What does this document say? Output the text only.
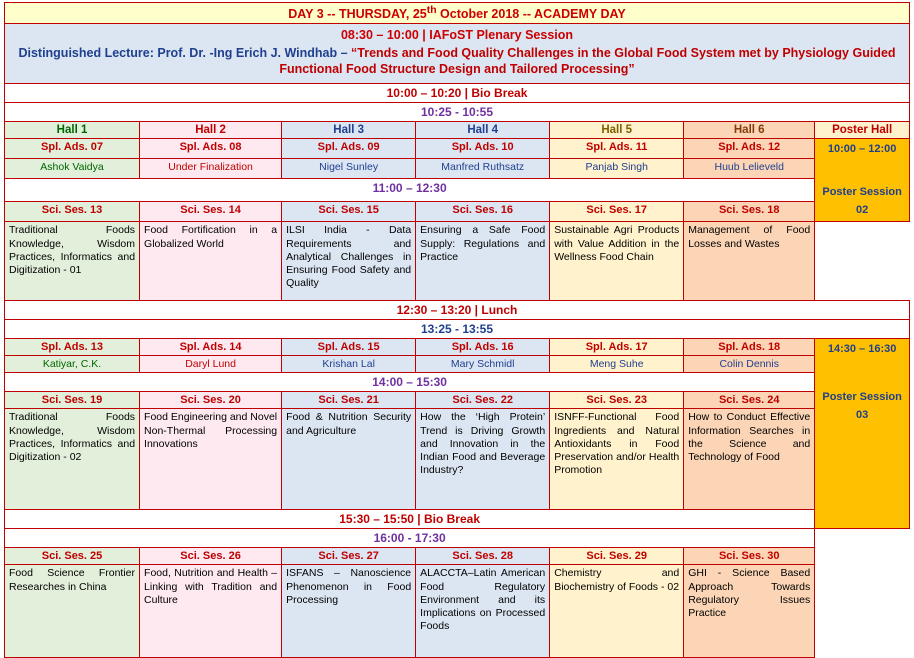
DAY 3 -- THURSDAY, 25th October 2018 -- ACADEMY DAY						

08:30 – 10:00 | IAFoST Plenary Session
Distinguished Lecture: Prof. Dr. -Ing Erich J. Windhab – “Trends and Food Quality Challenges in the Global Food System met by Physiology Guided Functional Food Structure Design and Tailored Processing”						

10:00 – 10:20 | Bio Break						
10:25 - 10:55						
Hall 1	Hall 2	Hall 3	Hall 4	Hall 5	Hall 6	Poster Hall
Spl. Ads. 07	Spl. Ads. 08	Spl. Ads. 09	Spl. Ads. 10	Spl. Ads. 11	Spl. Ads. 12	10:00 – 12:00
Poster Session 02

Ashok Vaidya	Under Finalization	Nigel Sunley	Manfred Ruthsatz	Panjab Singh	Huub Lelieveld	
11:00 – 12:30						
Sci. Ses. 13	Sci. Ses. 14	Sci. Ses. 15	Sci. Ses. 16	Sci. Ses. 17	Sci. Ses. 18	
Traditional Foods Knowledge, Wisdom Practices, Informatics and Digitization - 01	Food Fortification in a Globalized World	ILSI India - Data Requirements and Analytical Challenges in Ensuring Food Safety and Quality	Ensuring a Safe Food Supply: Regulations and Practice	Sustainable Agri Products with Value Addition in the Wellness Food Chain	Management of Food Losses and Wastes	
12:30 – 13:20 | Lunch						
13:25 - 13:55						
Spl. Ads. 13	Spl. Ads. 14	Spl. Ads. 15	Spl. Ads. 16	Spl. Ads. 17	Spl. Ads. 18	14:30 – 16:30
Poster Session 03

Katiyar, C.K.	Daryl Lund	Krishan Lal	Mary Schmidl	Meng Suhe	Colin Dennis	
14:00 – 15:30						
Sci. Ses. 19	Sci. Ses. 20	Sci. Ses. 21	Sci. Ses. 22	Sci. Ses. 23	Sci. Ses. 24	
Traditional Foods Knowledge, Wisdom Practices, Informatics and Digitization - 02	Food Engineering and Novel Non-Thermal Processing Innovations	Food & Nutrition Security and Agriculture	How the ‘High Protein’ Trend is Driving Growth and Innovation in the Indian Food and Beverage Industry?	ISNFF-Functional Food Ingredients and Natural Antioxidants in Food Preservation and/or Health Promotion	How to Conduct Effective Information Searches in the Science and Technology of Food	
15:30 – 15:50 | Bio Break						
16:00 - 17:30						
Sci. Ses. 25	Sci. Ses. 26	Sci. Ses. 27	Sci. Ses. 28	Sci. Ses. 29	Sci. Ses. 30	
Food Science Frontier Researches in China	Food, Nutrition and Health – Linking with Tradition and Culture	ISFANS – Nanoscience Phenomenon in Food Processing	ALACCTA–Latin American Food Regulatory Environment and its Implications on Processed Foods	Chemistry and Biochemistry of Foods - 02	GHI - Science Based Approach Towards Regulatory Issues Practice	
